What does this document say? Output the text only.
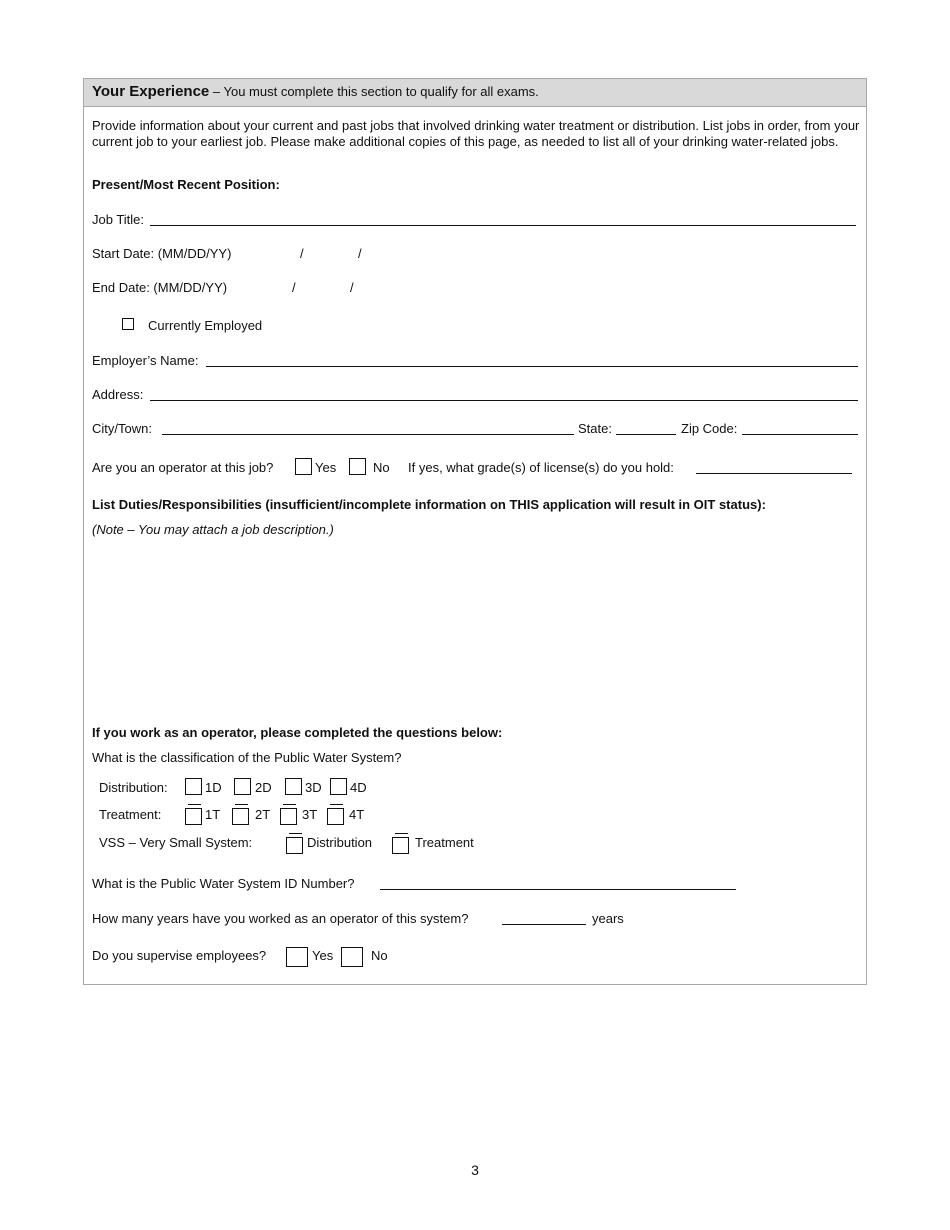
Your Experience – You must complete this section to qualify for all exams.
Provide information about your current and past jobs that involved drinking water treatment or distribution. List jobs in order, from your current job to your earliest job. Please make additional copies of this page, as needed to list all of your drinking water-related jobs.
Present/Most Recent Position:
Job Title:
Start Date: (MM/DD/YY)	/	/
End Date: (MM/DD/YY)	/	/
Currently Employed
Employer’s Name:
Address:
City/Town:	State:	Zip Code:
Are you an operator at this job?	Yes	No If yes, what grade(s) of license(s) do you hold:
List Duties/Responsibilities (insufficient/incomplete information on THIS application will result in OIT status):
(Note – You may attach a job description.)
If you work as an operator, please completed the questions below:
What is the classification of the Public Water System?
Distribution:	1D	2D	3D 4D
Treatment:	1T	2T 3T 4T
VSS – Very Small System:	Distribution	Treatment
What is the Public Water System ID Number?
How many years have you worked as an operator of this system?	years
Do you supervise employees?	Yes	No
3
